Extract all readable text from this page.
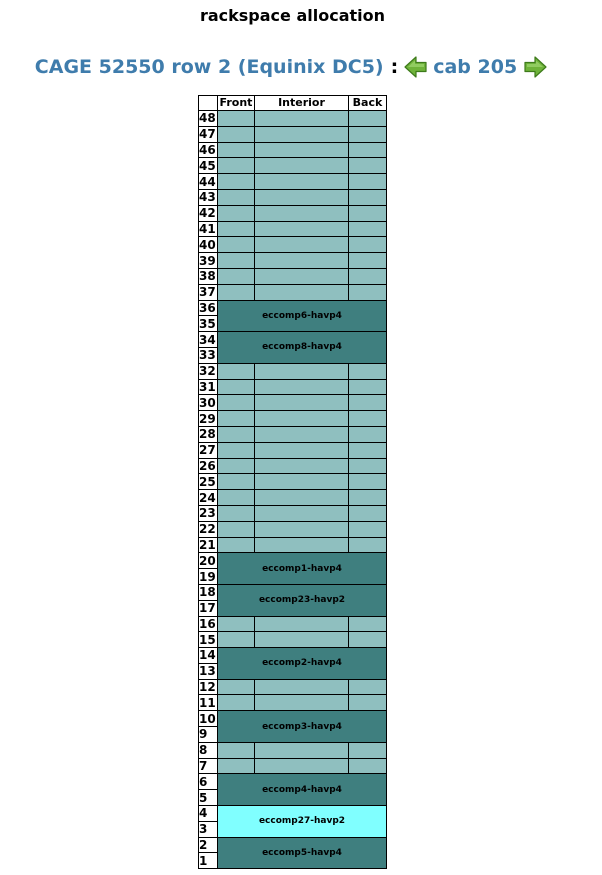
rackspace allocation
CAGE 52550 row 2 (Equinix DC5) : cab 205
	Front	Interior	Back
48			
47			
46			
45			
44			
43			
42			
41			
40			
39			
38			
37			
36	eccomp6-havp4		
35			
34	eccomp8-havp4		
33			
32			
31			
30			
29			
28			
27			
26			
25			
24			
23			
22			
21			
20	eccomp1-havp4		
19			
18	eccomp23-havp2		
17			
16			
15			
14	eccomp2-havp4		
13			
12			
11			
10	eccomp3-havp4		
9			
8			
7			
6	eccomp4-havp4		
5			
4	eccomp27-havp2		
3			
2	eccomp5-havp4		
1			
